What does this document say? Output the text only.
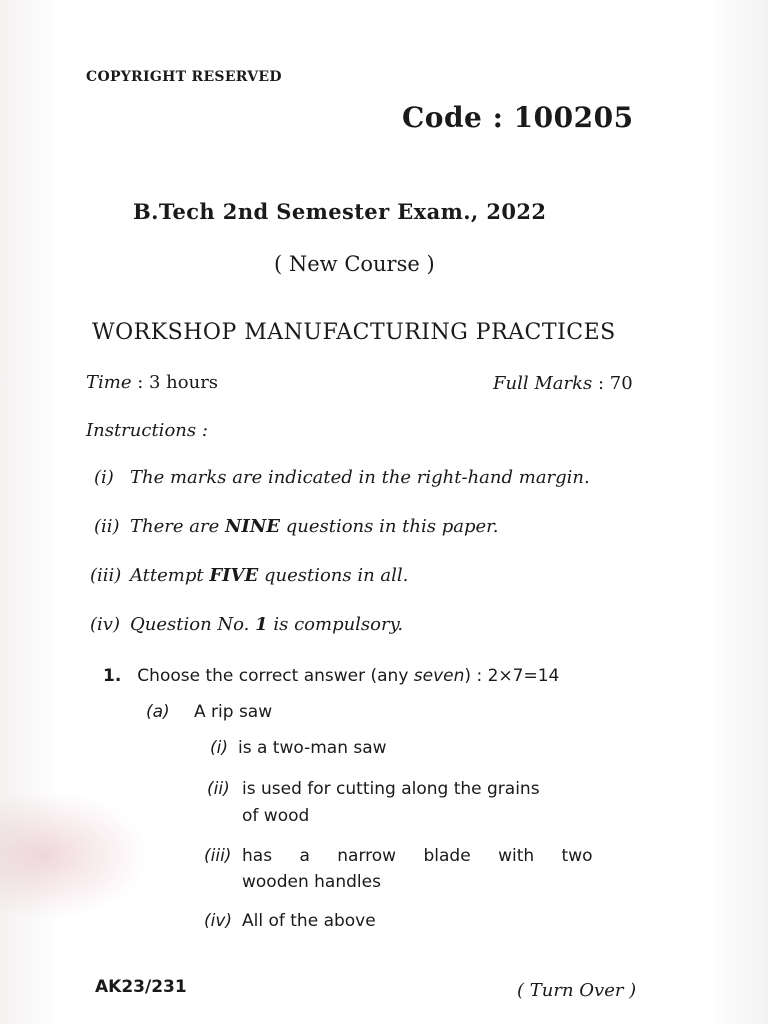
COPYRIGHT RESERVED
Code : 100205
B.Tech 2nd Semester Exam., 2022
( New Course )
WORKSHOP MANUFACTURING PRACTICES
Time : 3 hours	Full Marks : 70
Instructions :
(i) The marks are indicated in the right-hand margin.
(ii) There are NINE questions in this paper.
(iii) Attempt FIVE questions in all.
(iv) Question No. 1 is compulsory.
1. Choose the correct answer (any seven) : 2×7=14
(a) A rip saw
(i) is a two-man saw
(ii) is used for cutting along the grains
of wood
(iii) has a narrow blade with two
wooden handles
(iv) All of the above
AK23/231	( Turn Over )
